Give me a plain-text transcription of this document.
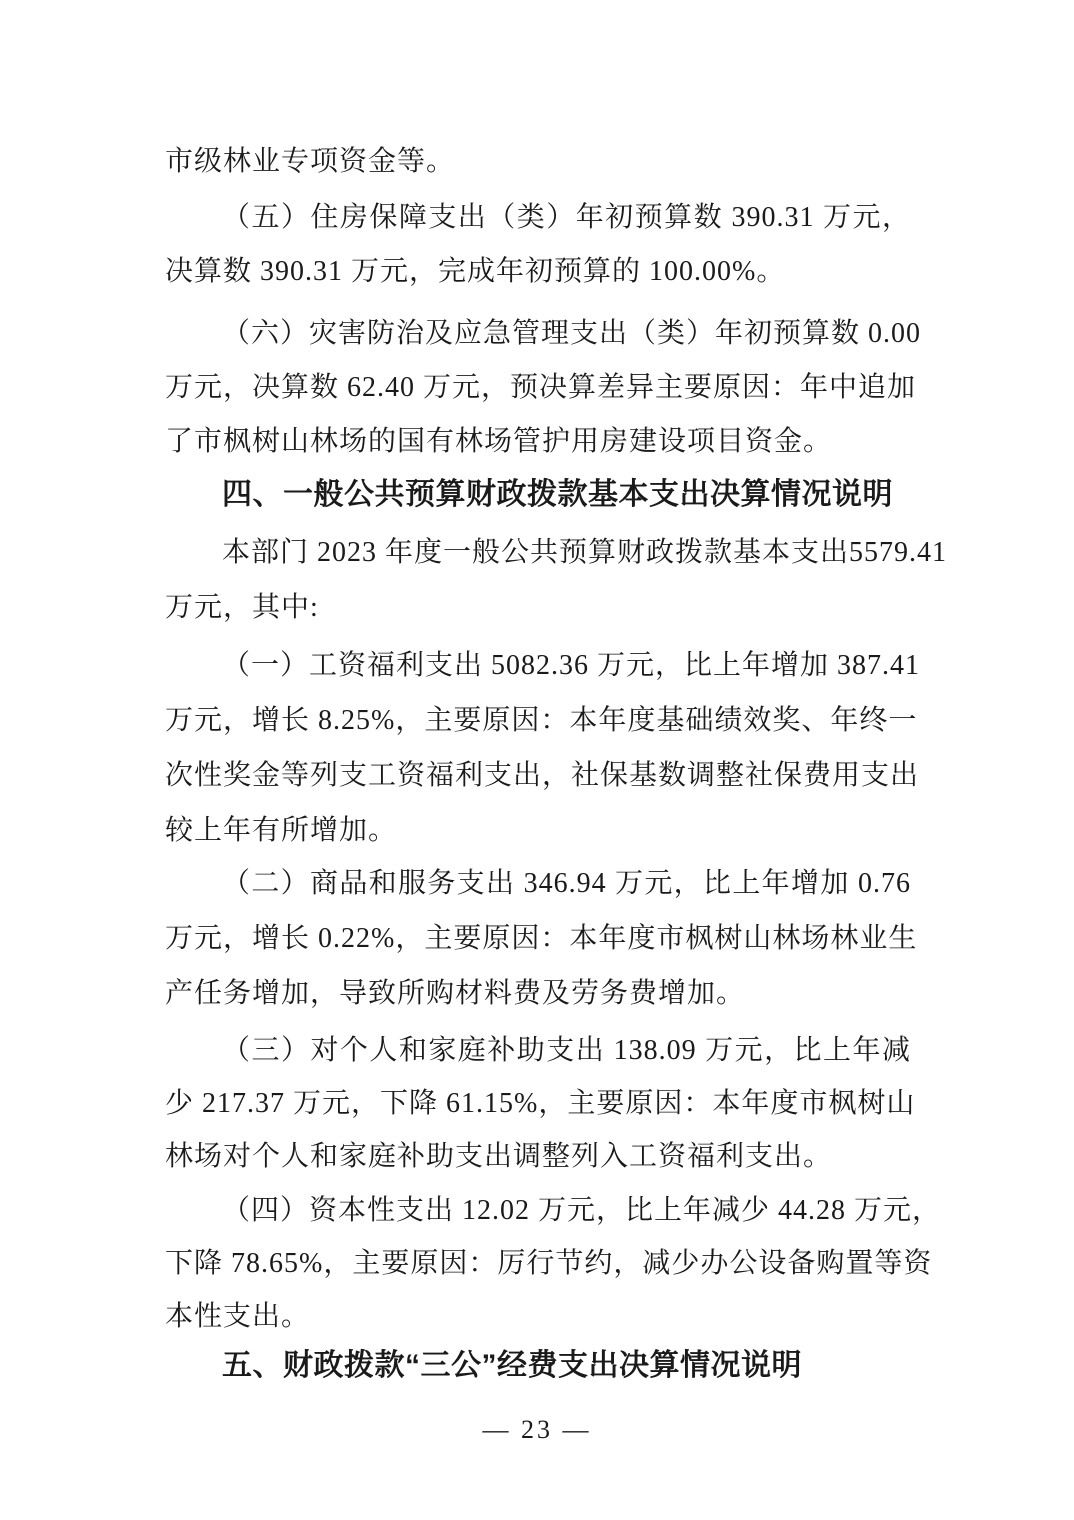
市级林业专项资金等。
（五）住房保障支出（类）年初预算数 390.31 万元，
决算数 390.31 万元，完成年初预算的 100.00%。
（六）灾害防治及应急管理支出（类）年初预算数 0.00
万元，决算数 62.40 万元，预决算差异主要原因：年中追加
了市枫树山林场的国有林场管护用房建设项目资金。
四、一般公共预算财政拨款基本支出决算情况说明
本部门 2023 年度一般公共预算财政拨款基本支出5579.41
万元，其中:
（一）工资福利支出 5082.36 万元，比上年增加 387.41
万元，增长 8.25%，主要原因：本年度基础绩效奖、年终一
次性奖金等列支工资福利支出，社保基数调整社保费用支出
较上年有所增加。
（二）商品和服务支出 346.94 万元，比上年增加 0.76
万元，增长 0.22%，主要原因：本年度市枫树山林场林业生
产任务增加，导致所购材料费及劳务费增加。
（三）对个人和家庭补助支出 138.09 万元，比上年减
少 217.37 万元，下降 61.15%，主要原因：本年度市枫树山
林场对个人和家庭补助支出调整列入工资福利支出。
（四）资本性支出 12.02 万元，比上年减少 44.28 万元，
下降 78.65%，主要原因：厉行节约，减少办公设备购置等资
本性支出。
五、财政拨款“三公”经费支出决算情况说明
— 23 —
